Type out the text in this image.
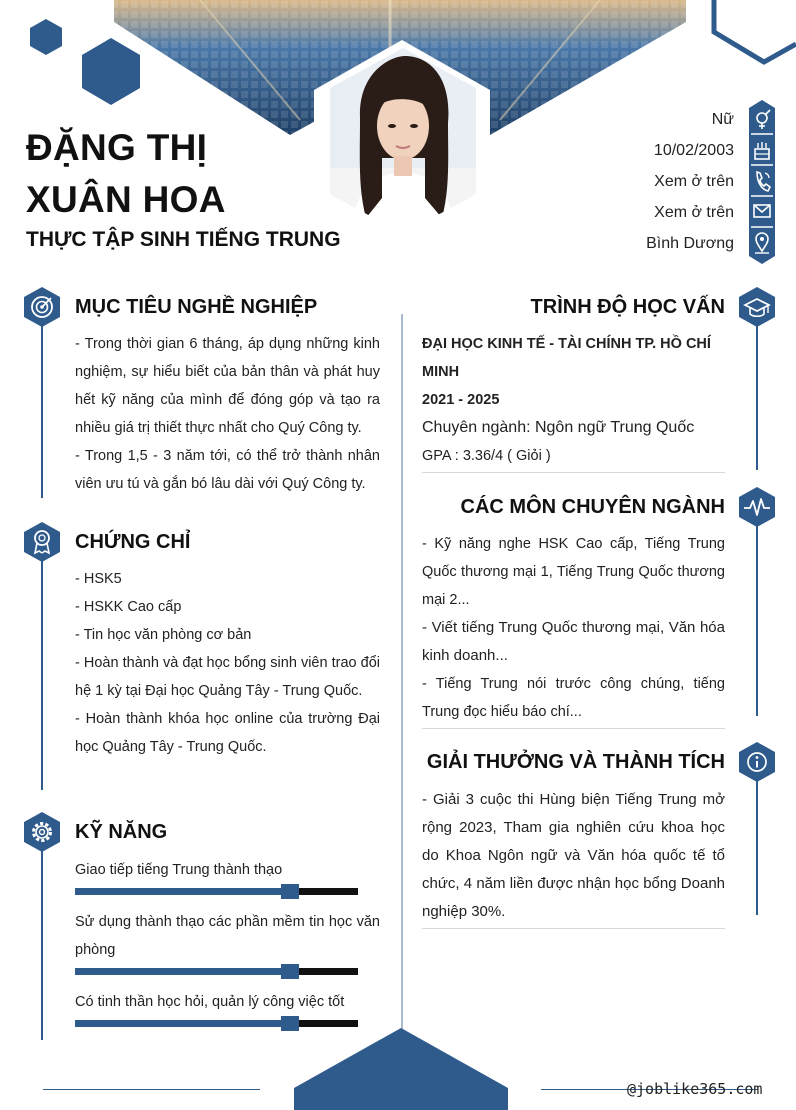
ĐẶNG THỊ
XUÂN HOA
THỰC TẬP SINH TIẾNG TRUNG
Nữ
10/02/2003
Xem ở trên
Xem ở trên
Bình Dương
MỤC TIÊU NGHỀ NGHIỆP

- Trong thời gian 6 tháng, áp dụng những kinh nghiệm, sự hiểu biết của bản thân và phát huy hết kỹ năng của mình để đóng góp và tạo ra nhiều giá trị thiết thực nhất cho Quý Công ty.

- Trong 1,5 - 3 năm tới, có thể trở thành nhân viên ưu tú và gắn bó lâu dài với Quý Công ty.

CHỨNG CHỈ

- HSK5

- HSKK Cao cấp

- Tin học văn phòng cơ bản

- Hoàn thành và đạt học bổng sinh viên trao đổi hệ 1 kỳ tại Đại học Quảng Tây - Trung Quốc.

- Hoàn thành khóa học online của trường Đại học Quảng Tây - Trung Quốc.

KỸ NĂNG
Giao tiếp tiếng Trung thành thạo
Sử dụng thành thạo các phần mềm tin học văn phòng
Có tinh thần học hỏi, quản lý công việc tốt
TRÌNH ĐỘ HỌC VẤN

ĐẠI HỌC KINH TẾ - TÀI CHÍNH TP. HỒ CHÍ MINH

2021 - 2025

Chuyên ngành: Ngôn ngữ Trung Quốc

GPA : 3.36/4 ( Giỏi )

CÁC MÔN CHUYÊN NGÀNH

- Kỹ năng nghe HSK Cao cấp, Tiếng Trung Quốc thương mại 1, Tiếng Trung Quốc thương mại 2...

- Viết tiếng Trung Quốc thương mại, Văn hóa kinh doanh...

- Tiếng Trung nói trước công chúng, tiếng Trung đọc hiểu báo chí...

GIẢI THƯỞNG VÀ THÀNH TÍCH
- Giải 3 cuộc thi Hùng biện Tiếng Trung mở rộng 2023, Tham gia nghiên cứu khoa học do Khoa Ngôn ngữ và Văn hóa quốc tế tổ chức, 4 năm liền được nhận học bổng Doanh nghiệp 30%.
@joblike365.com
